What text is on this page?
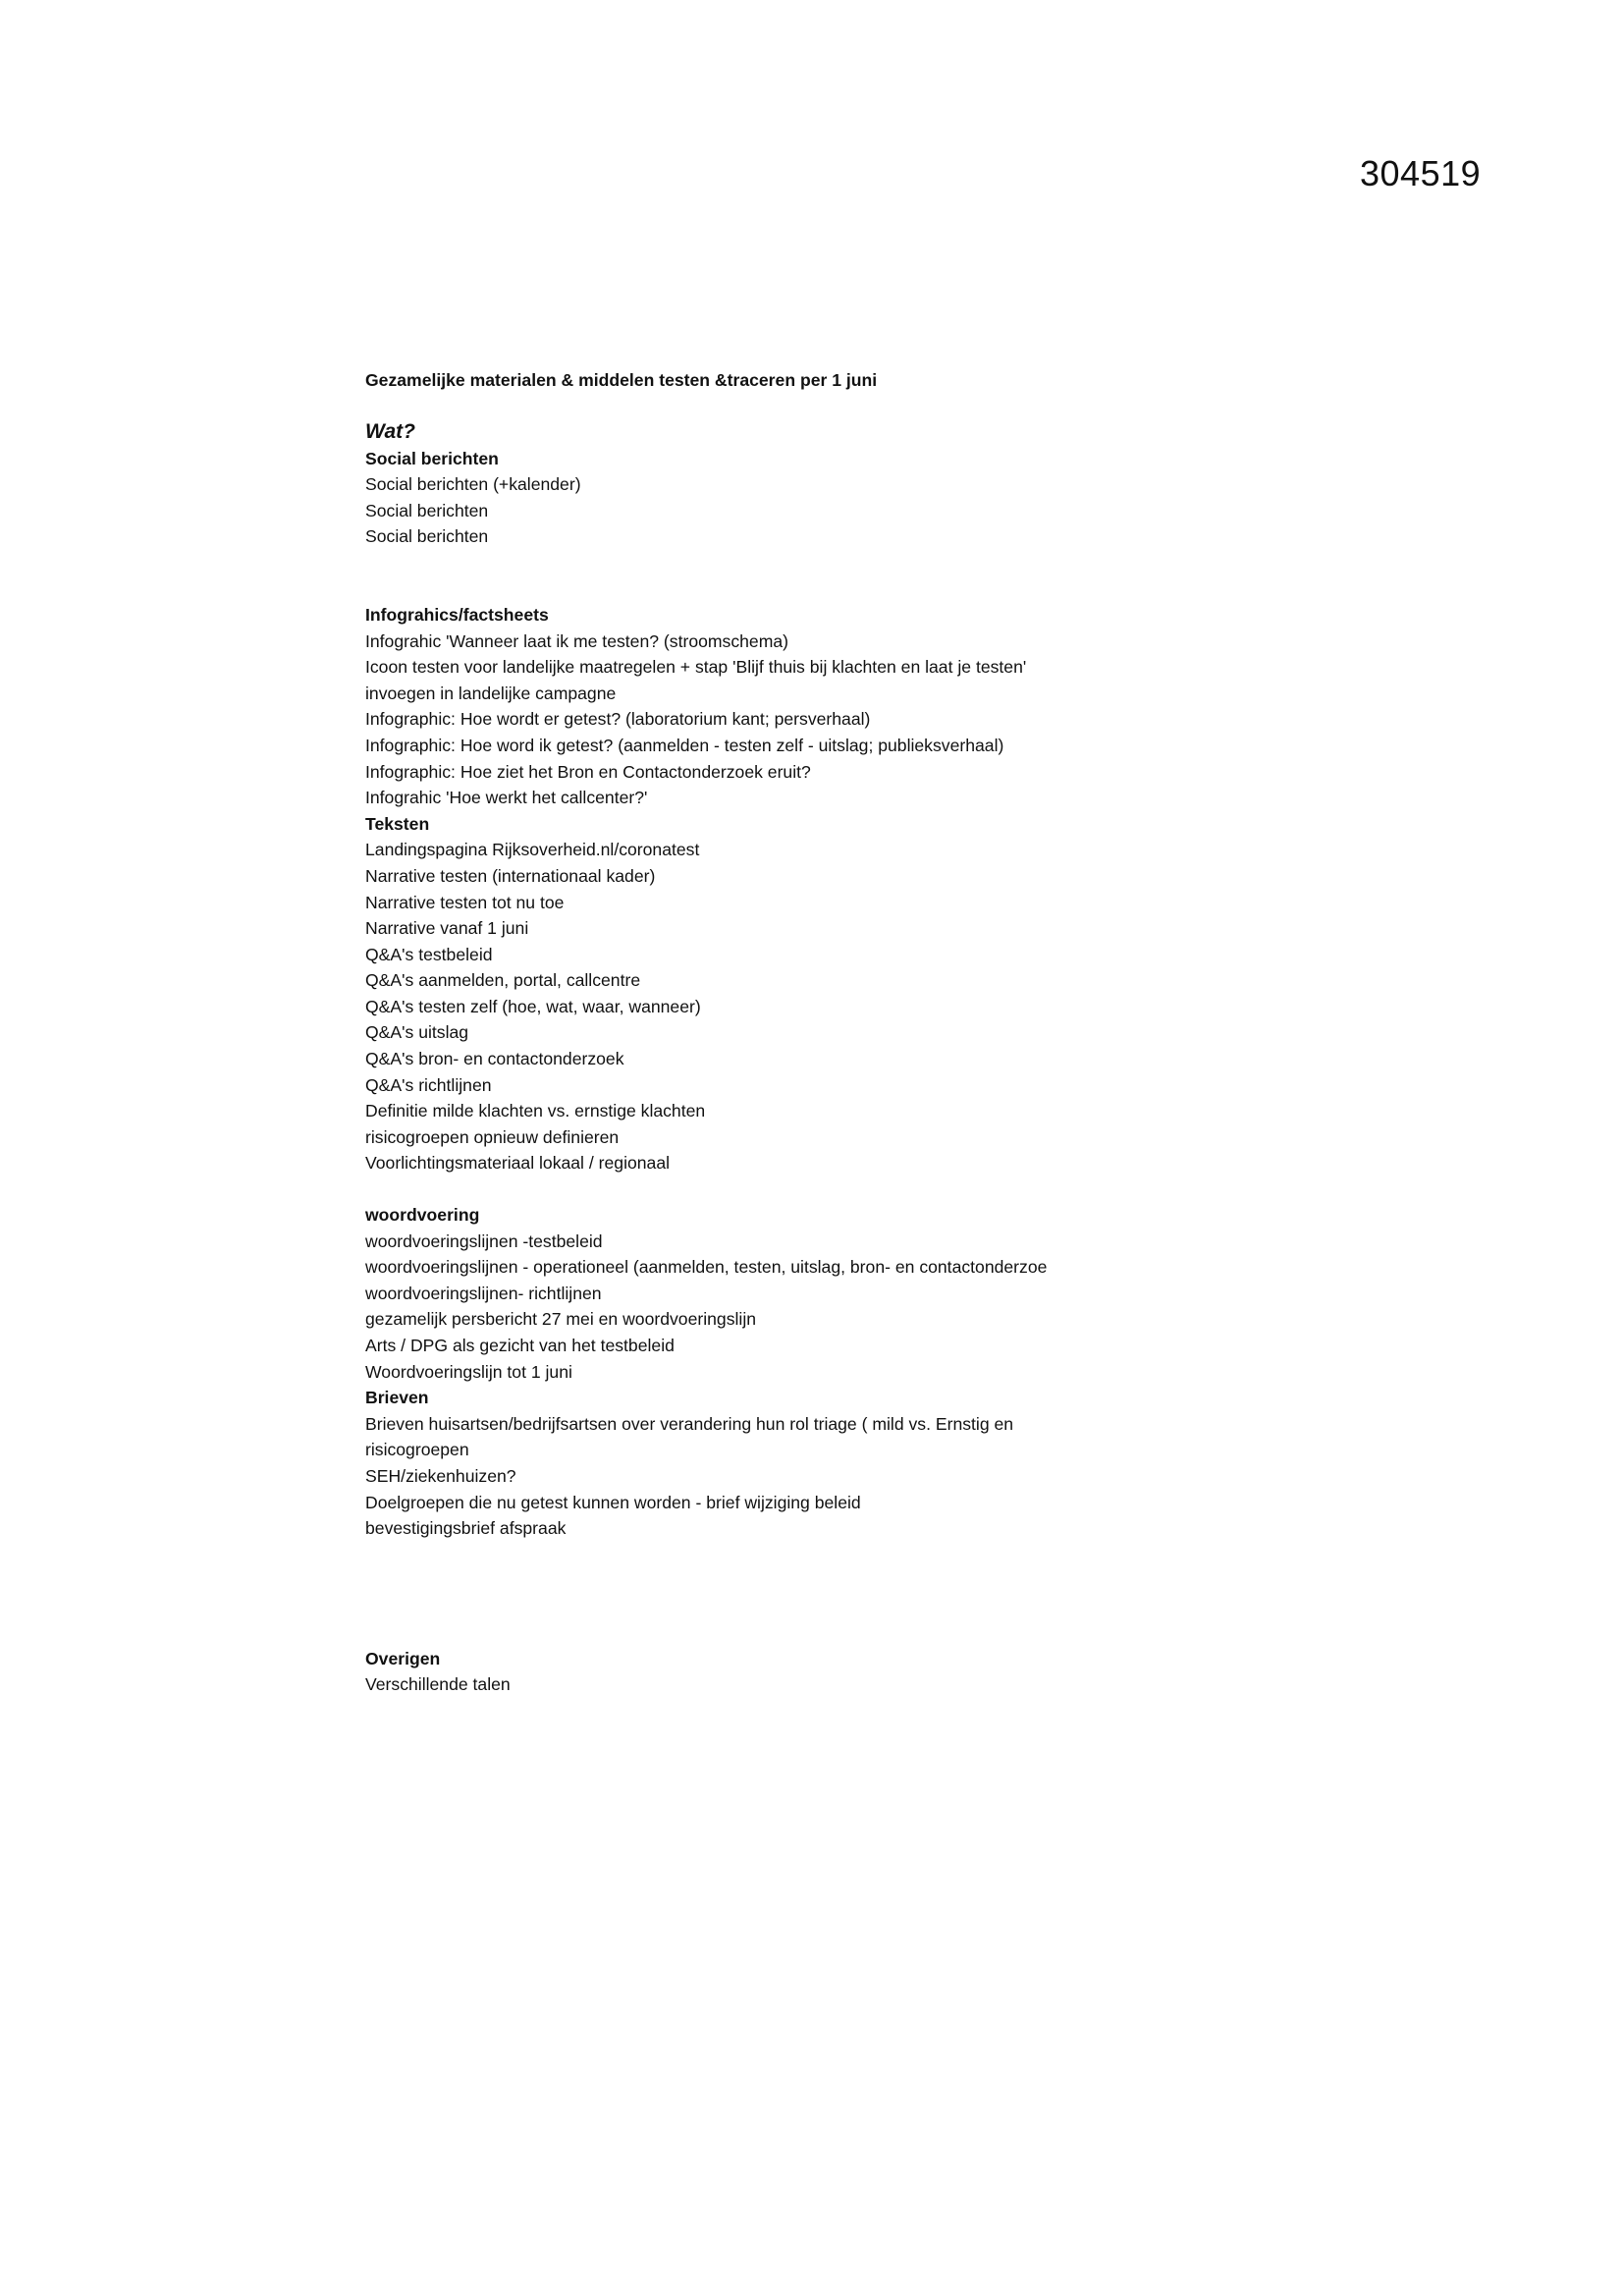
304519
Gezamelijke materialen & middelen testen &traceren per 1 juni
Wat?
Social berichten
Social berichten (+kalender)
Social berichten
Social berichten
Infograhics/factsheets
Infograhic 'Wanneer laat ik me testen? (stroomschema)
Icoon testen voor landelijke maatregelen + stap 'Blijf thuis bij klachten en laat je testen'
invoegen in landelijke campagne
Infographic: Hoe wordt er getest? (laboratorium kant; persverhaal)
Infographic: Hoe word ik getest? (aanmelden - testen zelf - uitslag; publieksverhaal)
Infographic: Hoe ziet het Bron en Contactonderzoek eruit?
Infograhic 'Hoe werkt het callcenter?'
Teksten
Landingspagina Rijksoverheid.nl/coronatest
Narrative testen (internationaal kader)
Narrative testen tot nu toe
Narrative vanaf 1 juni
Q&A's testbeleid
Q&A's aanmelden, portal, callcentre
Q&A's testen zelf (hoe, wat, waar, wanneer)
Q&A's uitslag
Q&A's bron- en contactonderzoek
Q&A's richtlijnen
Definitie milde klachten vs. ernstige klachten
risicogroepen opnieuw definieren
Voorlichtingsmateriaal lokaal / regionaal
woordvoering
woordvoeringslijnen -testbeleid
woordvoeringslijnen - operationeel (aanmelden, testen, uitslag, bron- en contactonderzoe
woordvoeringslijnen- richtlijnen
gezamelijk persbericht 27 mei en woordvoeringslijn
Arts / DPG als gezicht van het testbeleid
Woordvoeringslijn tot 1 juni
Brieven
Brieven huisartsen/bedrijfsartsen over verandering hun rol triage ( mild vs. Ernstig en
risicogroepen
SEH/ziekenhuizen?
Doelgroepen die nu getest kunnen worden - brief wijziging beleid
bevestigingsbrief afspraak
Overigen
Verschillende talen
